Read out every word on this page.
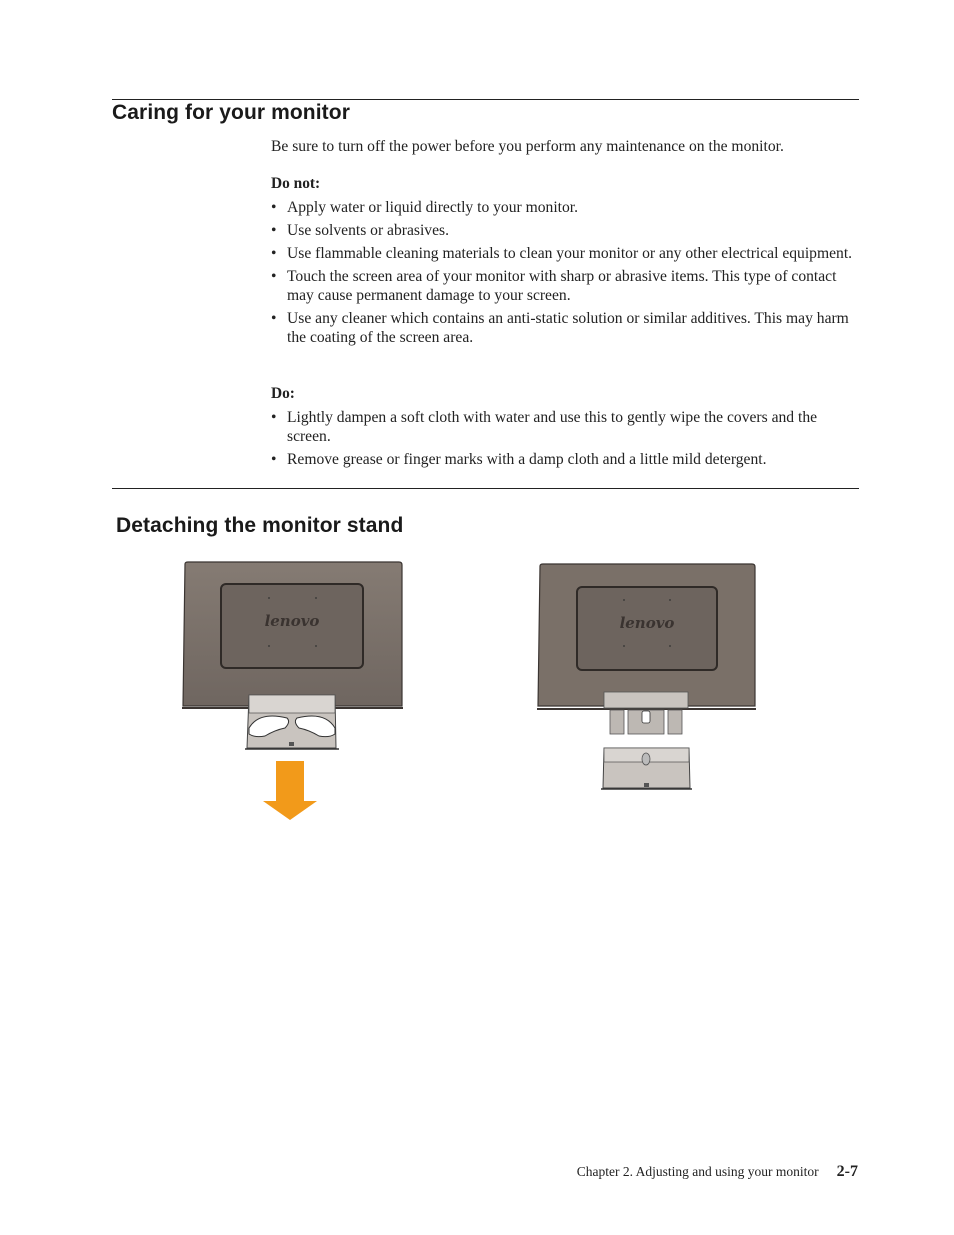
Caring for your monitor
Be sure to turn off the power before you perform any maintenance on the monitor.
Do not:
• Apply water or liquid directly to your monitor.
• Use solvents or abrasives.
• Use flammable cleaning materials to clean your monitor or any other electrical equipment.
• Touch the screen area of your monitor with sharp or abrasive items. This type of contact may cause permanent damage to your screen.
• Use any cleaner which contains an anti-static solution or similar additives. This may harm the coating of the screen area.
Do:
• Lightly dampen a soft cloth with water and use this to gently wipe the covers and the screen.
• Remove grease or finger marks with a damp cloth and a little mild detergent.
Detaching the monitor stand
lenovo	lenovo
Chapter 2. Adjusting and using your monitor 2-7
